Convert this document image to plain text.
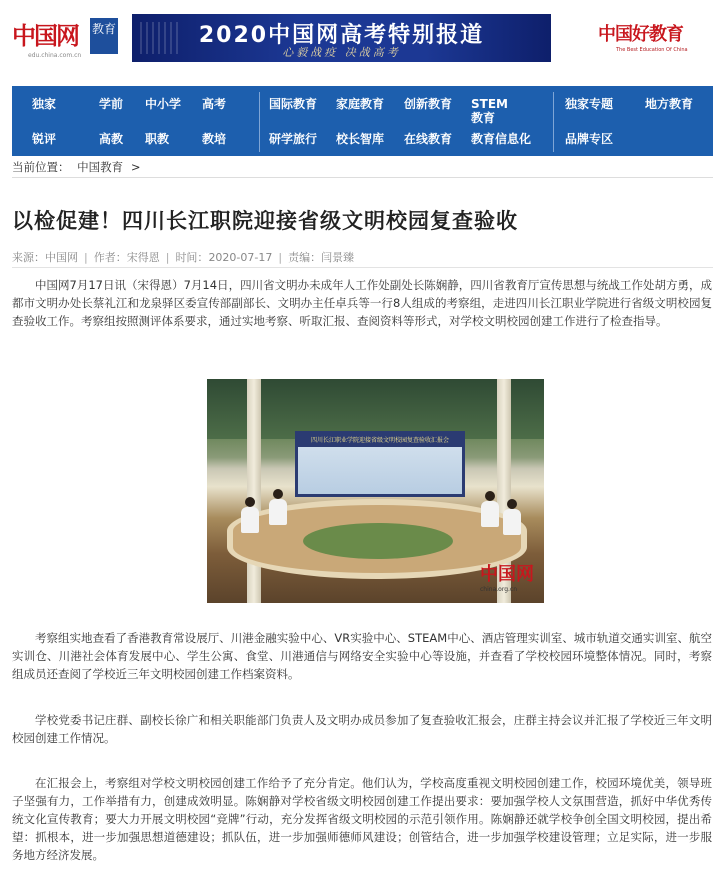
中国网
edu.china.com.cn
教育	2020中国网高考特别报道
心毅战疫 决战高考
中国好教育
The Best Education Of China
独家	学前 中小学 高考	国际教育 家庭教育 创新教育 STEM教育
独家专题	地方教育
锐评	高教 职教	教培	研学旅行 校长智库 在线教育 教育信息化	品牌专区
当前位置： 中国教育 >
以检促建！四川长江职院迎接省级文明校园复查验收
来源：中国网 | 作者：宋得恩 | 时间：2020-07-17 | 责编：闫景臻

中国网7月17日讯（宋得恩）7月14日，四川省文明办未成年人工作处副处长陈娴静，四川省教育厅宣传思想与统战工作处胡方勇，成都市文明办处长蔡礼江和龙泉驿区委宣传部副部长、文明办主任卓兵等一行8人组成的考察组，走进四川长江职业学院进行省级文明校园复查验收工作。考察组按照测评体系要求，通过实地考察、听取汇报、查阅资料等形式，对学校文明校园创建工作进行了检查指导。

四川长江职业学院迎接省级文明校园复查验收汇报会
中国网
china.org.cn

考察组实地查看了香港教育常设展厅、川港金融实验中心、VR实验中心、STEAM中心、酒店管理实训室、城市轨道交通实训室、航空实训仓、川港社会体育发展中心、学生公寓、食堂、川港通信与网络安全实验中心等设施，并查看了学校校园环境整体情况。同时，考察组成员还查阅了学校近三年文明校园创建工作档案资料。

学校党委书记庄群、副校长徐广和相关职能部门负责人及文明办成员参加了复查验收汇报会，庄群主持会议并汇报了学校近三年文明校园创建工作情况。

在汇报会上，考察组对学校文明校园创建工作给予了充分肯定。他们认为，学校高度重视文明校园创建工作，校园环境优美，领导班子坚强有力，工作举措有力，创建成效明显。陈娴静对学校省级文明校园创建工作提出要求：要加强学校人文氛围营造，抓好中华优秀传统文化宣传教育；要大力开展文明校园“竞牌”行动，充分发挥省级文明校园的示范引领作用。陈娴静还就学校争创全国文明校园，提出希望：抓根本，进一步加强思想道德建设；抓队伍，进一步加强师德师风建设；创管结合，进一步加强学校建设管理；立足实际，进一步服务地方经济发展。
